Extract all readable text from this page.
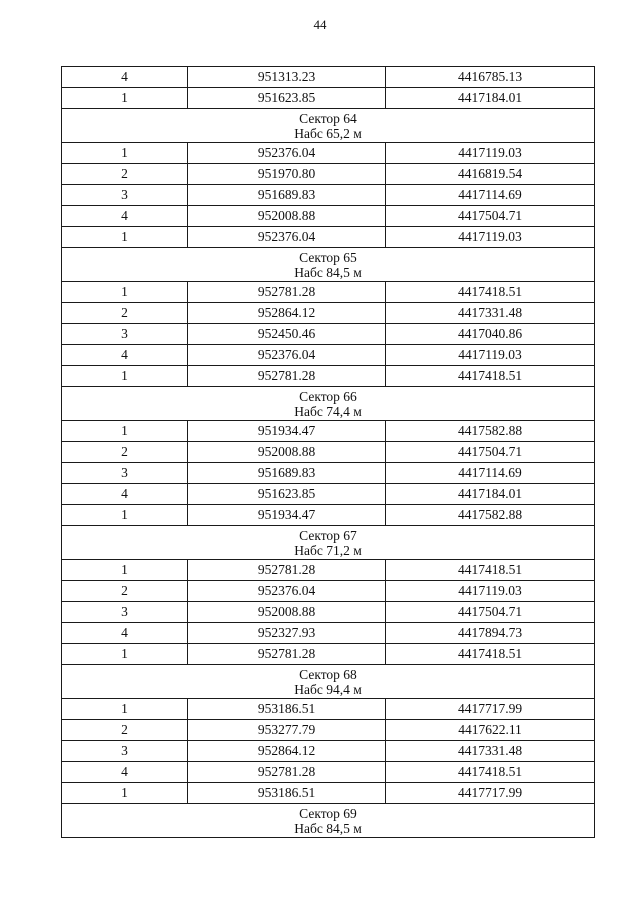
44
4	951313.23	4416785.13
1	951623.85	4417184.01

Сектор 64
Набс 65,2 м		

1	952376.04	4417119.03
2	951970.80	4416819.54
3	951689.83	4417114.69
4	952008.88	4417504.71
1	952376.04	4417119.03

Сектор 65
Набс 84,5 м		

1	952781.28	4417418.51
2	952864.12	4417331.48
3	952450.46	4417040.86
4	952376.04	4417119.03
1	952781.28	4417418.51

Сектор 66
Набс 74,4 м		

1	951934.47	4417582.88
2	952008.88	4417504.71
3	951689.83	4417114.69
4	951623.85	4417184.01
1	951934.47	4417582.88

Сектор 67
Набс 71,2 м		

1	952781.28	4417418.51
2	952376.04	4417119.03
3	952008.88	4417504.71
4	952327.93	4417894.73
1	952781.28	4417418.51

Сектор 68
Набс 94,4 м		

1	953186.51	4417717.99
2	953277.79	4417622.11
3	952864.12	4417331.48
4	952781.28	4417418.51
1	953186.51	4417717.99

Сектор 69
Набс 84,5 м		
